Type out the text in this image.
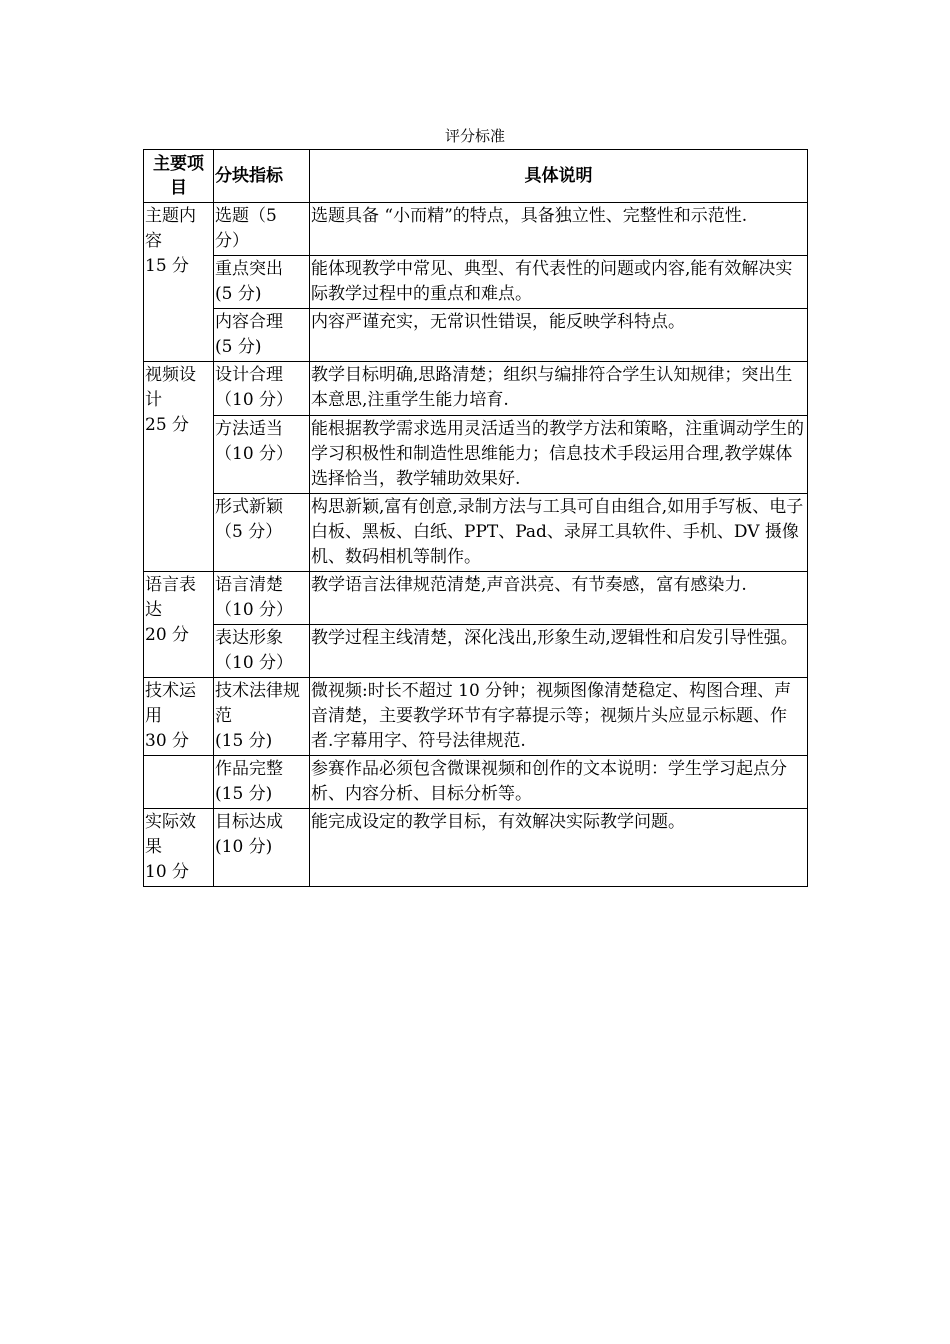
评分标准
主要项目	分块指标	具体说明

主题内
容
15 分	选题（5
分）	选题具备 “小而精”的特点，具备独立性、完整性和示范性.

	重点突出
(5 分)	能体现教学中常见、典型、有代表性的问题或内容,能有效解决实际教学过程中的重点和难点。

	内容合理
(5 分)	内容严谨充实，无常识性错误，能反映学科特点。

视频设
计
25 分	设计合理
（10 分）	教学目标明确,思路清楚；组织与编排符合学生认知规律；突出生本意思,注重学生能力培育.

	方法适当
（10 分）	能根据教学需求选用灵活适当的教学方法和策略，注重调动学生的学习积极性和制造性思维能力；信息技术手段运用合理,教学媒体选择恰当，教学辅助效果好.

	形式新颖
（5 分）	构思新颖,富有创意,录制方法与工具可自由组合,如用手写板、电子白板、黑板、白纸、PPT、Pad、录屏工具软件、手机、DV 摄像机、数码相机等制作。

语言表
达
20 分	语言清楚
（10 分）	教学语言法律规范清楚,声音洪亮、有节奏感，富有感染力.

	表达形象
（10 分）	教学过程主线清楚，深化浅出,形象生动,逻辑性和启发引导性强。

技术运
用
30 分	技术法律规
范
(15 分)	微视频:时长不超过 10 分钟；视频图像清楚稳定、构图合理、声音清楚，主要教学环节有字幕提示等；视频片头应显示标题、作者.字幕用字、符号法律规范.

	作品完整
(15 分)	参赛作品必须包含微课视频和创作的文本说明：学生学习起点分析、内容分析、目标分析等。

实际效
果
10 分	目标达成
(10 分)	能完成设定的教学目标，有效解决实际教学问题。
